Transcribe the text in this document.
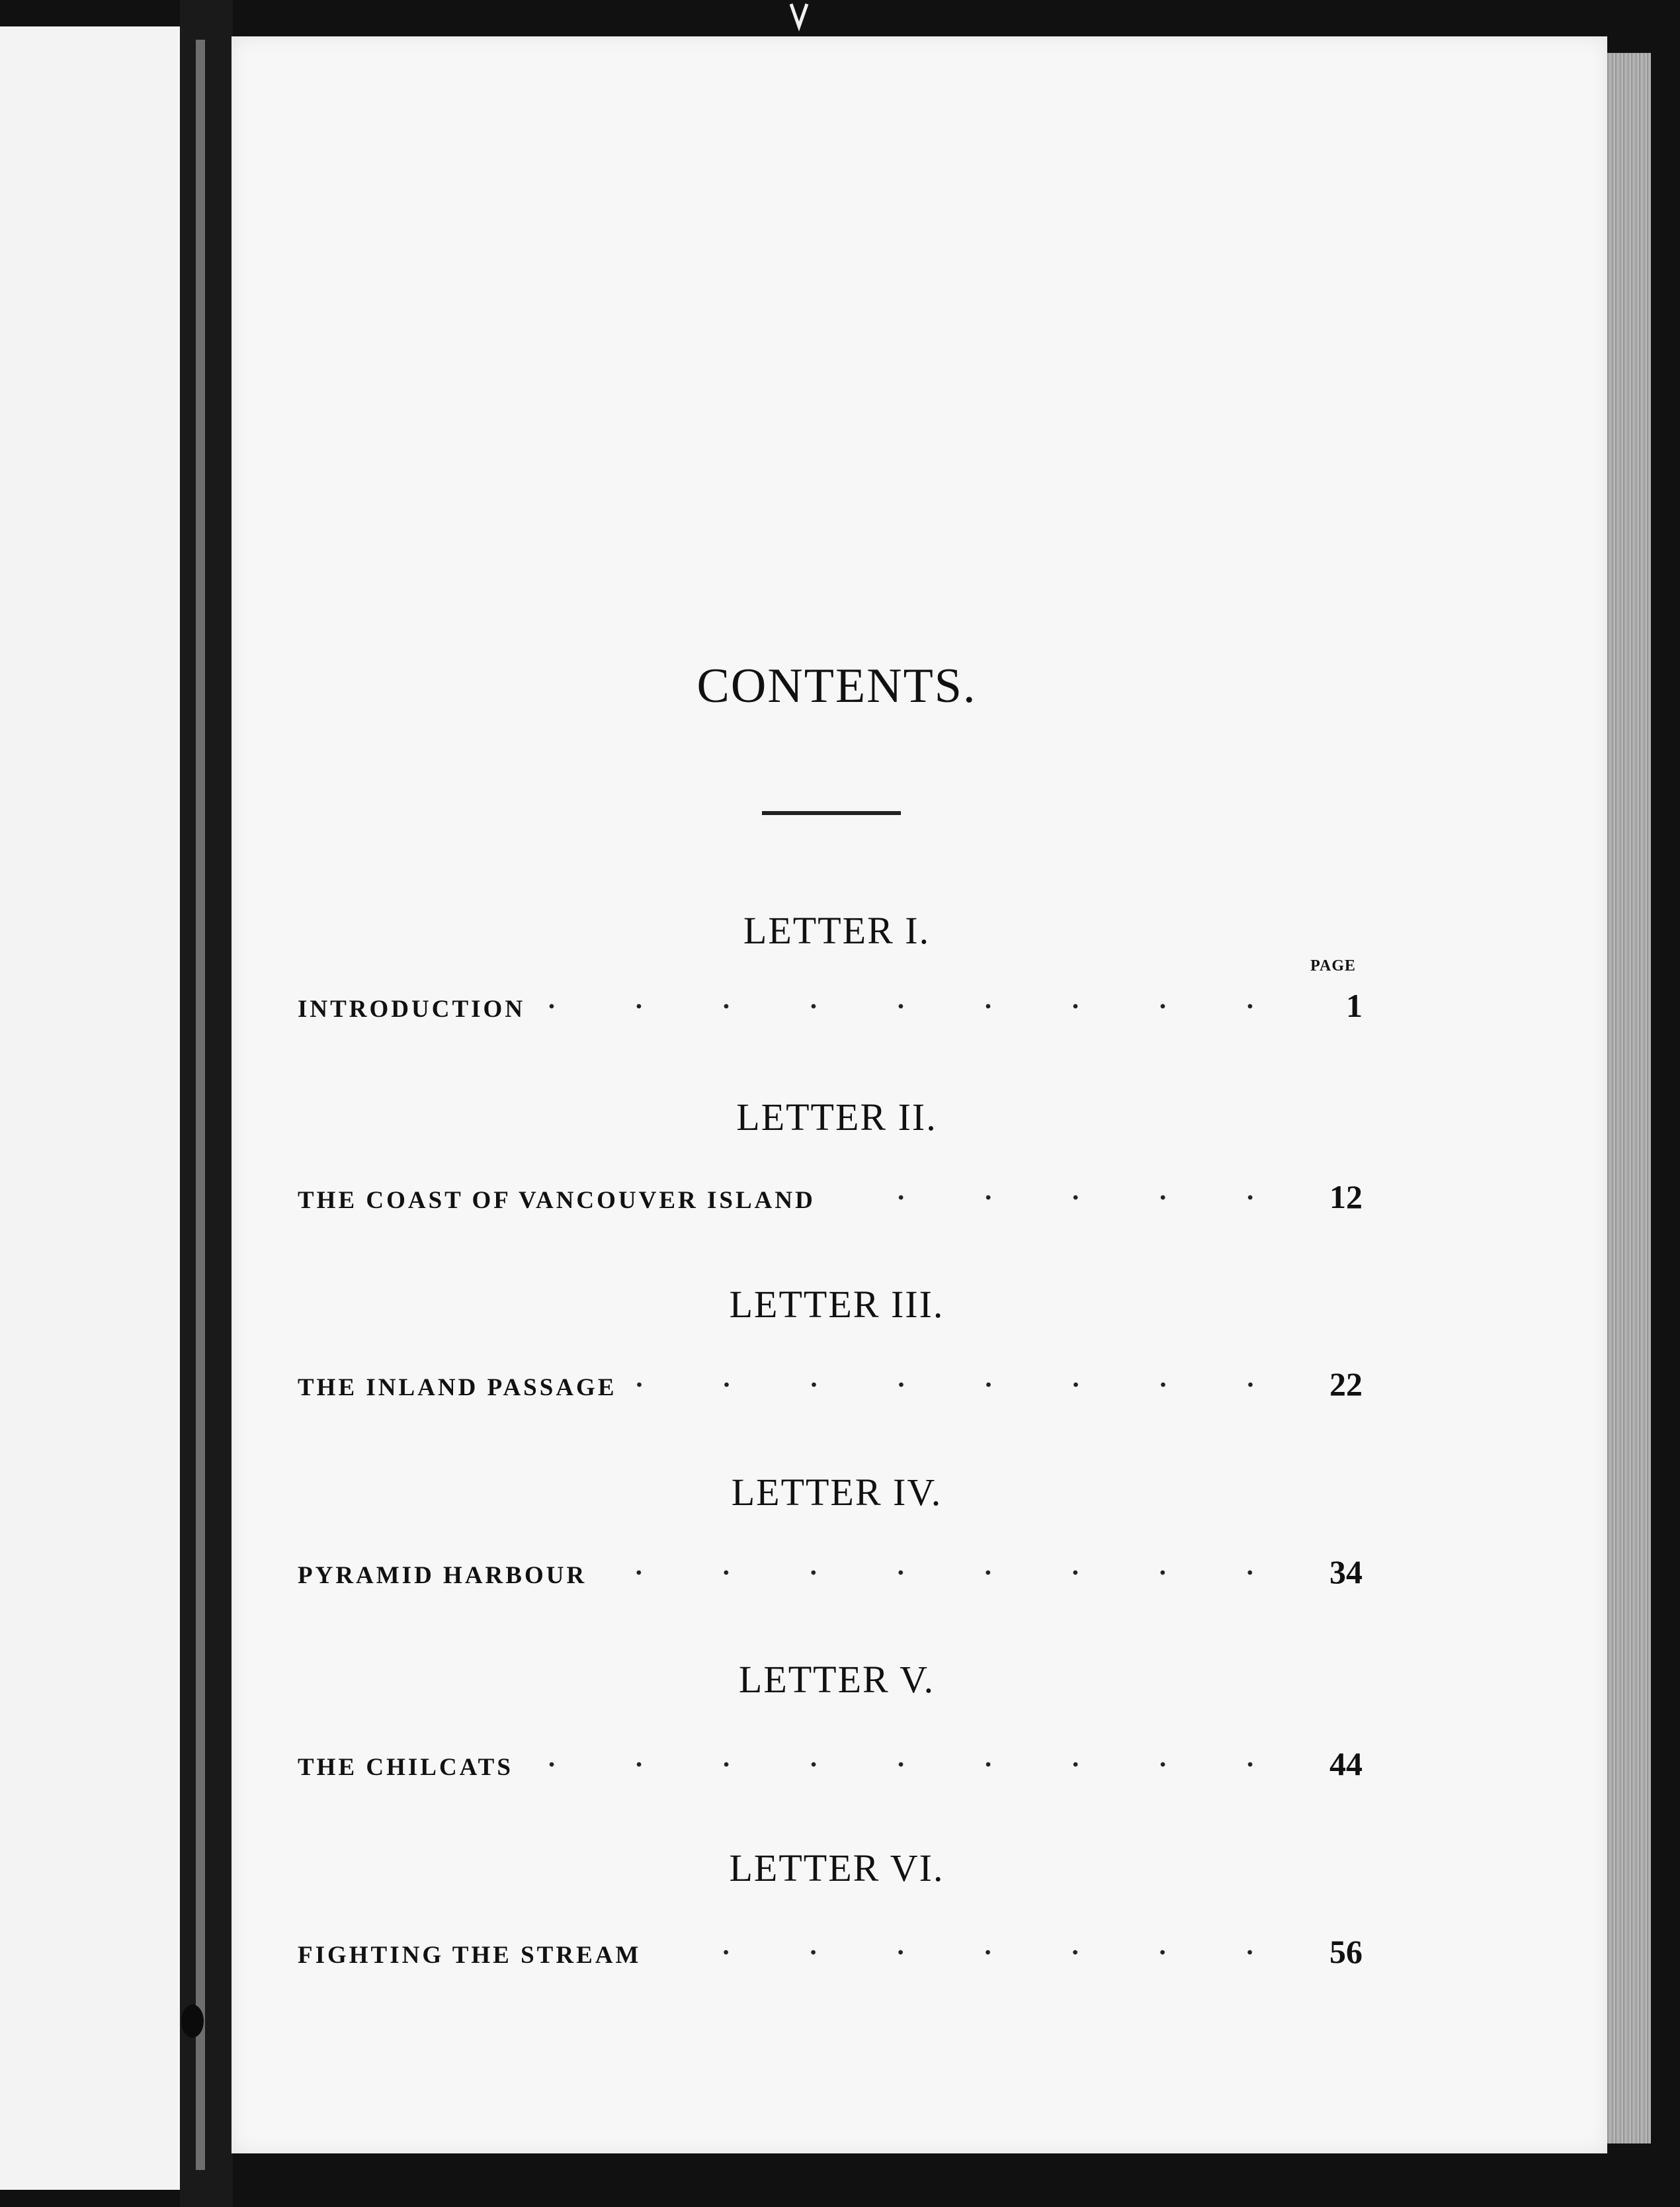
CONTENTS.
PAGE
LETTER I.
INTRODUCTION	1
LETTER II.
THE COAST OF VANCOUVER ISLAND	12
LETTER III.
THE INLAND PASSAGE	22
LETTER IV.
PYRAMID HARBOUR	34
LETTER V.
THE CHILCATS	44
LETTER VI.
FIGHTING THE STREAM	56
